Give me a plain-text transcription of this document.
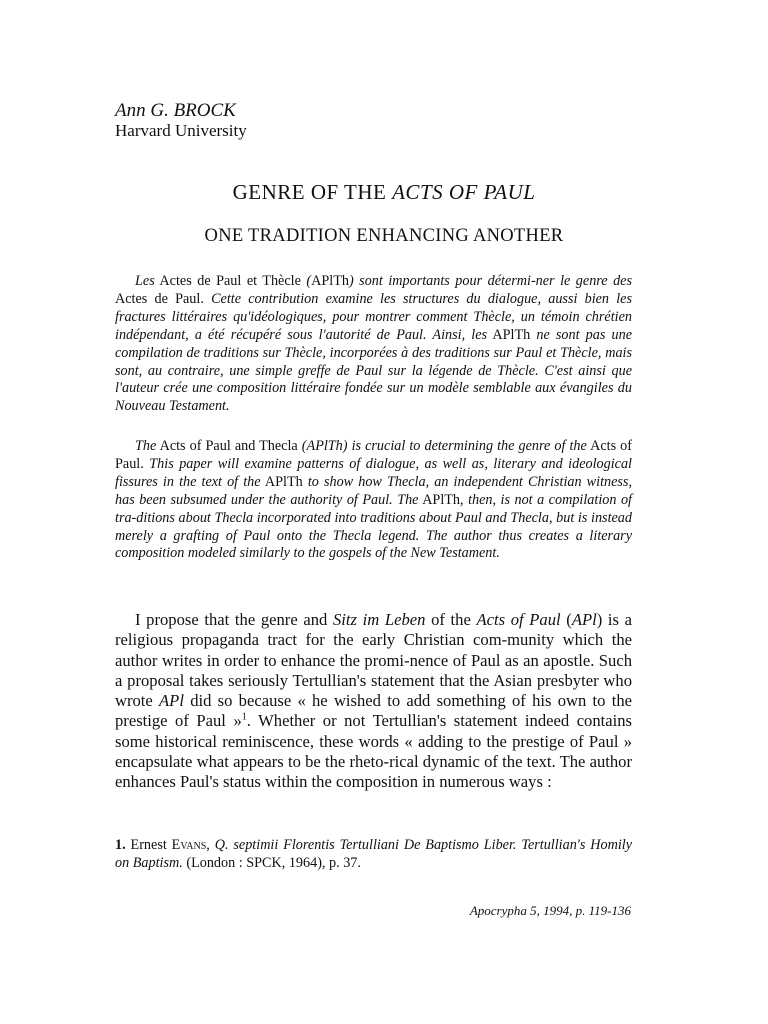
Ann G. BROCK
Harvard University
GENRE OF THE ACTS OF PAUL
ONE TRADITION ENHANCING ANOTHER

Les Actes de Paul et Thècle (APlTh) sont importants pour détermi-ner le genre des Actes de Paul. Cette contribution examine les structures du dialogue, aussi bien les fractures littéraires qu'idéologiques, pour montrer comment Thècle, un témoin chrétien indépendant, a été récupéré sous l'autorité de Paul. Ainsi, les APlTh ne sont pas une compilation de traditions sur Thècle, incorporées à des traditions sur Paul et Thècle, mais sont, au contraire, une simple greffe de Paul sur la légende de Thècle. C'est ainsi que l'auteur crée une composition littéraire fondée sur un modèle semblable aux évangiles du Nouveau Testament.

The Acts of Paul and Thecla (APlTh) is crucial to determining the genre of the Acts of Paul. This paper will examine patterns of dialogue, as well as, literary and ideological fissures in the text of the APlTh to show how Thecla, an independent Christian witness, has been subsumed under the authority of Paul. The APlTh, then, is not a compilation of tra-ditions about Thecla incorporated into traditions about Paul and Thecla, but is instead merely a grafting of Paul onto the Thecla legend. The author thus creates a literary composition modeled similarly to the gospels of the New Testament.

I propose that the genre and Sitz im Leben of the Acts of Paul (APl) is a religious propaganda tract for the early Christian com-munity which the author writes in order to enhance the promi-nence of Paul as an apostle. Such a proposal takes seriously Tertullian's statement that the Asian presbyter who wrote APl did so because « he wished to add something of his own to the prestige of Paul »$^1$. Whether or not Tertullian's statement indeed contains some historical reminiscence, these words « adding to the prestige of Paul » encapsulate what appears to be the rheto-rical dynamic of the text. The author enhances Paul's status within the composition in numerous ways :

1. Ernest Evans, Q. septimii Florentis Tertulliani De Baptismo Liber. Tertullian's Homily on Baptism. (London : SPCK, 1964), p. 37.

Apocrypha 5, 1994, p. 119-136
